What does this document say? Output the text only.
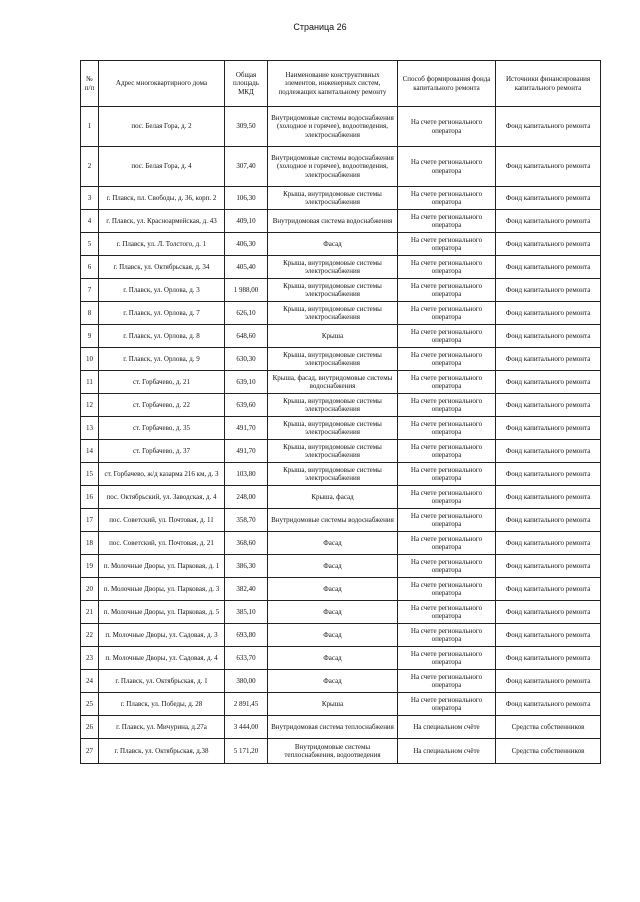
Страница 26
№ п/п	Адрес многоквартирного дома	Общая площадь МКД	Наименование конструктивных элементов, инженерных систем, подлежащих капитальному ремонту	Способ формирования фонда капитального ремонта	Источники финансирования капитального ремонта
1	пос. Белая Гора, д. 2	309,50	Внутридомовые системы водоснабжения (холодное и горячее), водоотведения, электроснабжения	На счете регионального оператора	Фонд капитального ремонта
2	пос. Белая Гора, д. 4	307,40	Внутридомовые системы водоснабжения (холодное и горячее), водоотведения, электроснабжения	На счете регионального оператора	Фонд капитального ремонта
3	г. Плавск, пл. Свободы, д. 36, корп. 2	106,30	Крыша, внутридомовые системы электроснабжения	На счете регионального оператора	Фонд капитального ремонта
4	г. Плавск, ул. Красноармейская, д. 43	409,10	Внутридомовая система водоснабжения	На счете регионального оператора	Фонд капитального ремонта
5	г. Плавск, ул. Л. Толстого, д. 1	406,30	Фасад	На счете регионального оператора	Фонд капитального ремонта
6	г. Плавск, ул. Октябрьская, д. 34	405,40	Крыша, внутридомовые системы электроснабжения	На счете регионального оператора	Фонд капитального ремонта
7	г. Плавск, ул. Орлова, д. 3	1 988,00	Крыша, внутридомовые системы электроснабжения	На счете регионального оператора	Фонд капитального ремонта
8	г. Плавск, ул. Орлова, д. 7	626,10	Крыша, внутридомовые системы электроснабжения	На счете регионального оператора	Фонд капитального ремонта
9	г. Плавск, ул. Орлова, д. 8	648,60	Крыша	На счете регионального оператора	Фонд капитального ремонта
10	г. Плавск, ул. Орлова, д. 9	630,30	Крыша, внутридомовые системы электроснабжения	На счете регионального оператора	Фонд капитального ремонта
11	ст. Горбачево, д. 21	639,10	Крыша, фасад, внутридомовые системы водоснабжения	На счете регионального оператора	Фонд капитального ремонта
12	ст. Горбачево, д. 22	639,60	Крыша, внутридомовые системы электроснабжения	На счете регионального оператора	Фонд капитального ремонта
13	ст. Горбачево, д. 35	491,70	Крыша, внутридомовые системы электроснабжения	На счете регионального оператора	Фонд капитального ремонта
14	ст. Горбачево, д. 37	491,70	Крыша, внутридомовые системы электроснабжения	На счете регионального оператора	Фонд капитального ремонта
15	ст. Горбачево, ж/д казарма 216 км, д. 3	103,80	Крыша, внутридомовые системы электроснабжения	На счете регионального оператора	Фонд капитального ремонта
16	пос. Октябрьский, ул. Заводская, д. 4	248,00	Крыша, фасад	На счете регионального оператора	Фонд капитального ремонта
17	пос. Советский, ул. Почтовая, д. 11	358,70	Внутридомовые системы водоснабжения	На счете регионального оператора	Фонд капитального ремонта
18	пос. Советский, ул. Почтовая, д. 21	368,60	Фасад	На счете регионального оператора	Фонд капитального ремонта
19	п. Молочные Дворы, ул. Парковая, д. 1	386,30	Фасад	На счете регионального оператора	Фонд капитального ремонта
20	п. Молочные Дворы, ул. Парковая, д. 3	382,40	Фасад	На счете регионального оператора	Фонд капитального ремонта
21	п. Молочные Дворы, ул. Парковая, д. 5	385,10	Фасад	На счете регионального оператора	Фонд капитального ремонта
22	п. Молочные Дворы, ул. Садовая, д. 3	693,80	Фасад	На счете регионального оператора	Фонд капитального ремонта
23	п. Молочные Дворы, ул. Садовая, д. 4	633,70	Фасад	На счете регионального оператора	Фонд капитального ремонта
24	г. Плавск, ул. Октябрьская, д. 1	380,00	Фасад	На счете регионального оператора	Фонд капитального ремонта
25	г. Плавск, ул. Победы, д. 28	2 891,45	Крыша	На счете регионального оператора	Фонд капитального ремонта
26	г. Плавск, ул. Мичурина, д.27а	3 444,00	Внутридомовая система теплоснабжения	На специальном счёте	Средства собственников
27	г. Плавск, ул. Октябрьская, д.38	5 171,20	Внутридомовые системы теплоснабжения, водоотведения	На специальном счёте	Средства собственников
